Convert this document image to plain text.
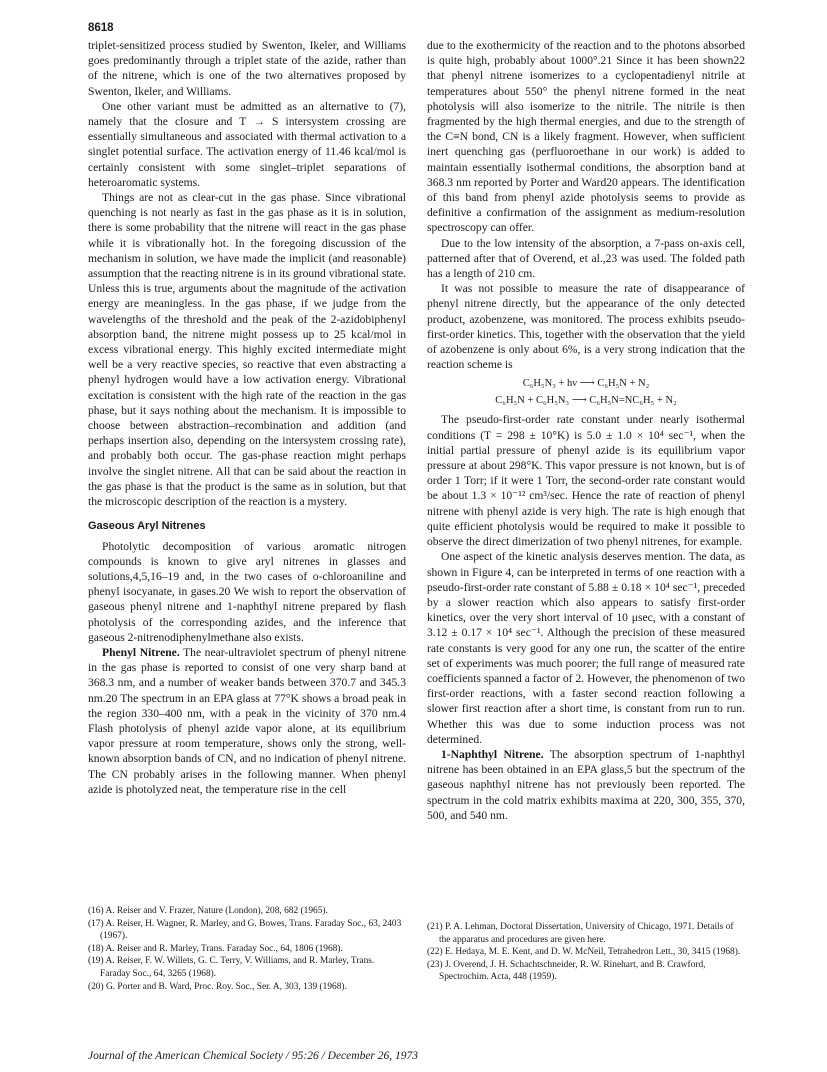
8618

triplet-sensitized process studied by Swenton, Ikeler, and Williams goes predominantly through a triplet state of the azide, rather than of the nitrene, which is one of the two alternatives proposed by Swenton, Ikeler, and Williams.

One other variant must be admitted as an alternative to (7), namely that the closure and T → S intersystem crossing are essentially simultaneous and associated with thermal activation to a singlet potential surface. The activation energy of 11.46 kcal/mol is certainly consistent with some singlet–triplet separations of heteroaromatic systems.

Things are not as clear-cut in the gas phase. Since vibrational quenching is not nearly as fast in the gas phase as it is in solution, there is some probability that the nitrene will react in the gas phase while it is vibrationally hot. In the foregoing discussion of the mechanism in solution, we have made the implicit (and reasonable) assumption that the reacting nitrene is in its ground vibrational state. Unless this is true, arguments about the magnitude of the activation energy are meaningless. In the gas phase, if we judge from the wavelengths of the threshold and the peak of the 2-azidobiphenyl absorption band, the nitrene might possess up to 25 kcal/mol in excess vibrational energy. This highly excited intermediate might well be a very reactive species, so reactive that even abstracting a phenyl hydrogen would have a low activation energy. Vibrational excitation is consistent with the high rate of the reaction in the gas phase, but it says nothing about the mechanism. It is impossible to choose between abstraction–recombination and addition (and perhaps insertion also, depending on the intersystem crossing rate), and probably both occur. The gas-phase reaction might perhaps involve the singlet nitrene. All that can be said about the reaction in the gas phase is that the product is the same as in solution, but that the microscopic description of the reaction is a mystery.

Gaseous Aryl Nitrenes

Photolytic decomposition of various aromatic nitrogen compounds is known to give aryl nitrenes in glasses and solutions,4,5,16–19 and, in the two cases of o-chloroaniline and phenyl isocyanate, in gases.20 We wish to report the observation of gaseous phenyl nitrene and 1-naphthyl nitrene prepared by flash photolysis of the corresponding azides, and the inference that gaseous 2-nitrenodiphenylmethane also exists.

Phenyl Nitrene. The near-ultraviolet spectrum of phenyl nitrene in the gas phase is reported to consist of one very sharp band at 368.3 nm, and a number of weaker bands between 370.7 and 345.3 nm.20 The spectrum in an EPA glass at 77°K shows a broad peak in the region 330–400 nm, with a peak in the vicinity of 370 nm.4 Flash photolysis of phenyl azide vapor alone, at its equilibrium vapor pressure at room temperature, shows only the strong, well-known absorption bands of CN, and no indication of phenyl nitrene. The CN probably arises in the following manner. When phenyl azide is photolyzed neat, the temperature rise in the cell

due to the exothermicity of the reaction and to the photons absorbed is quite high, probably about 1000°.21 Since it has been shown22 that phenyl nitrene isomerizes to a cyclopentadienyl nitrile at temperatures about 550° the phenyl nitrene formed in the neat photolysis will also isomerize to the nitrile. The nitrile is then fragmented by the high thermal energies, and due to the strength of the C≡N bond, CN is a likely fragment. However, when sufficient inert quenching gas (perfluoroethane in our work) is added to maintain essentially isothermal conditions, the absorption band at 368.3 nm reported by Porter and Ward20 appears. The identification of this band from phenyl azide photolysis seems to provide as definitive a confirmation of the assignment as medium-resolution spectroscopy can offer.

Due to the low intensity of the absorption, a 7-pass on-axis cell, patterned after that of Overend, et al.,23 was used. The folded path has a length of 210 cm.

It was not possible to measure the rate of disappearance of phenyl nitrene directly, but the appearance of the only detected product, azobenzene, was monitored. The process exhibits pseudo-first-order kinetics. This, together with the observation that the yield of azobenzene is only about 6%, is a very strong indication that the reaction scheme is

C₆H₅N₃ + hν ⟶ C₆H₅N + N₂
C₆H₅N + C₆H₅N₃ ⟶ C₆H₅N=NC₆H₅ + N₂

The pseudo-first-order rate constant under nearly isothermal conditions (T = 298 ± 10°K) is 5.0 ± 1.0 × 10⁴ sec⁻¹, when the initial partial pressure of phenyl azide is its equilibrium vapor pressure at about 298°K. This vapor pressure is not known, but is of order 1 Torr; if it were 1 Torr, the second-order rate constant would be about 1.3 × 10⁻¹² cm³/sec. Hence the rate of reaction of phenyl nitrene with phenyl azide is very high. The rate is high enough that quite efficient photolysis would be required to make it possible to observe the direct dimerization of two phenyl nitrenes, for example.

One aspect of the kinetic analysis deserves mention. The data, as shown in Figure 4, can be interpreted in terms of one reaction with a pseudo-first-order rate constant of 5.88 ± 0.18 × 10⁴ sec⁻¹, preceded by a slower reaction which also appears to satisfy first-order kinetics, over the very short interval of 10 μsec, with a constant of 3.12 ± 0.17 × 10⁴ sec⁻¹. Although the precision of these measured rate constants is very good for any one run, the scatter of the entire set of experiments was much poorer; the full range of measured rate coefficients spanned a factor of 2. However, the phenomenon of two first-order reactions, with a faster second reaction following a slower first reaction after a short time, is constant from run to run. Whether this was due to some induction process was not determined.

1-Naphthyl Nitrene. The absorption spectrum of 1-naphthyl nitrene has been obtained in an EPA glass,5 but the spectrum of the gaseous naphthyl nitrene has not previously been reported. The spectrum in the cold matrix exhibits maxima at 220, 300, 355, 370, 500, and 540 nm.

(16) A. Reiser and V. Frazer, Nature (London), 208, 682 (1965).

(17) A. Reiser, H. Wagner, R. Marley, and G. Bowes, Trans. Faraday Soc., 63, 2403 (1967).

(18) A. Reiser and R. Marley, Trans. Faraday Soc., 64, 1806 (1968).

(19) A. Reiser, F. W. Willets, G. C. Terry, V. Williams, and R. Marley, Trans. Faraday Soc., 64, 3265 (1968).

(20) G. Porter and B. Ward, Proc. Roy. Soc., Ser. A, 303, 139 (1968).

(21) P. A. Lehman, Doctoral Dissertation, University of Chicago, 1971. Details of the apparatus and procedures are given here.

(22) E. Hedaya, M. E. Kent, and D. W. McNeil, Tetrahedron Lett., 30, 3415 (1968).

(23) J. Overend, J. H. Schachtschneider, R. W. Rinehart, and B. Crawford, Spectrochim. Acta, 448 (1959).

Journal of the American Chemical Society / 95:26 / December 26, 1973
